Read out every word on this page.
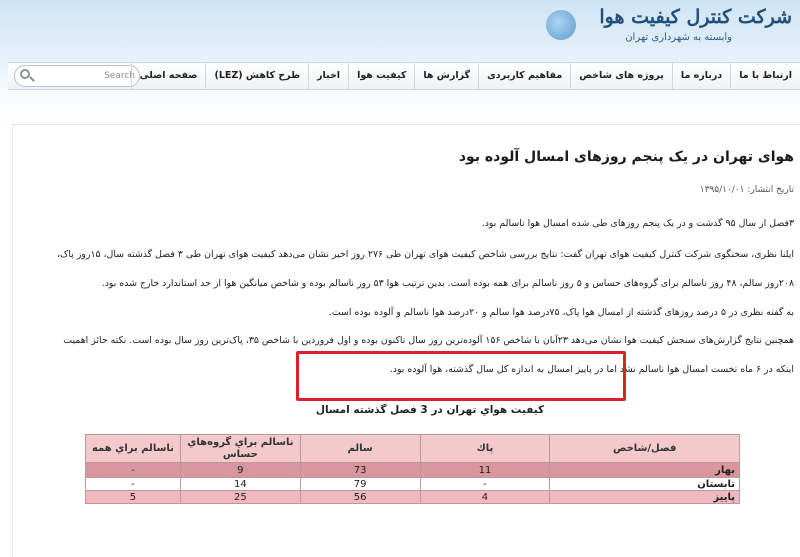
شرکت کنترل کیفیت هوا
وابسته به شهرداری تهران
Search
صفحه اصلی	طرح کاهش (LEZ)	اخبار	کیفیت هوا	گزارش ها	مفاهیم کاربردی	پروژه های شاخص	درباره ما	ارتباط با ما
هوای تهران در یک پنجم روزهای امسال آلوده بود
تاریخ انتشار: ۱۳۹۵/۱۰/۰۱
۳فصل از سال ۹۵ گذشت و در یک پنجم روزهای طی شده امسال هوا ناسالم بود.
ایلنا نظری، سخنگوی شرکت کنترل کیفیت هوای تهران گفت: نتایج بررسی شاخص کیفیت هوای تهران طی ۲۷۶ روز اخیر نشان می‌دهد کیفیت هوای تهران طی ۳ فصل گذشته سال، ۱۵روز پاک،
۲۰۸روز سالم، ۴۸ روز ناسالم برای گروه‌های حساس و ۵ روز ناسالم برای همه بوده است. بدین ترتیب هوا ۵۳ روز ناسالم بوده و شاخص میانگین هوا از حد استاندارد خارج شده بود.
به گفته نظری در ۵ درصد روزهای گذشته از امسال هوا پاک، ۷۵درصد هوا سالم و ۲۰درصد هوا ناسالم و آلوده بوده است.
همچنین نتایج گزارش‌های سنجش کیفیت هوا نشان می‌دهد ۲۳آبان با شاخص ۱۵۶ آلوده‌ترین روز سال تاکنون بوده و اول فروردین با شاخص ۳۵، پاک‌ترین روز سال بوده است. نکته حائز اهمیت
اینکه در ۶ ماه نخست امسال هوا ناسالم نشد اما در پاییز امسال به اندازه کل سال گذشته، هوا آلوده بود.
كيفيت هواي تهران در 3 فصل گذشته امسال
فصل/شاخص	پاك	سالم	ناسالم براي گروه‌هاي حساس	ناسالم براي همه
بهار	11	73	9	-
تابستان	-	79	14	-
پاييز	4	56	25	5
